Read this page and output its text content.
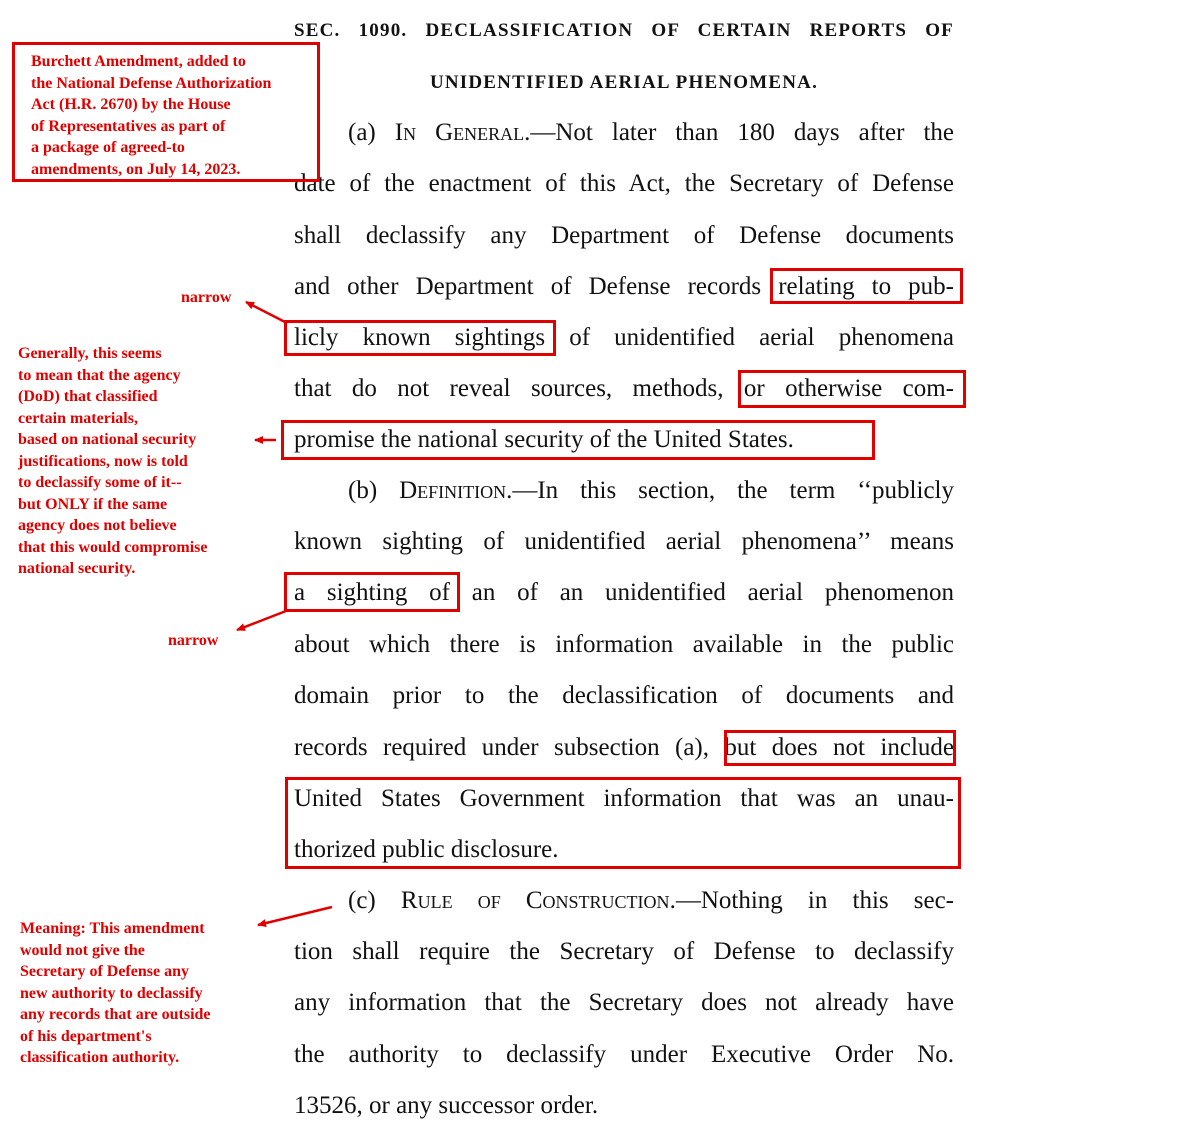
SEC. 1090. DECLASSIFICATION OF CERTAIN REPORTS OF
UNIDENTIFIED AERIAL PHENOMENA.
(a) In General.—Not later than 180 days after the
date of the enactment of this Act, the Secretary of Defense
shall declassify any Department of Defense documents
and other Department of Defense records relating to pub-
licly known sightings of unidentified aerial phenomena
that do not reveal sources, methods, or otherwise com-
promise the national security of the United States.
(b) Definition.—In this section, the term ‘‘publicly
known sighting of unidentified aerial phenomena’’ means
a sighting of an of an unidentified aerial phenomenon
about which there is information available in the public
domain prior to the declassification of documents and
records required under subsection (a), but does not include
United States Government information that was an unau-
thorized public disclosure.
(c) Rule of Construction.—Nothing in this sec-
tion shall require the Secretary of Defense to declassify
any information that the Secretary does not already have
the authority to declassify under Executive Order No.
13526, or any successor order.
Burchett Amendment, added to
the National Defense Authorization
Act (H.R. 2670) by the House
of Representatives as part of
a package of agreed-to
amendments, on July 14, 2023.
narrow
Generally, this seems
to mean that the agency
(DoD) that classified
certain materials,
based on national security
justifications, now is told
to declassify some of it--
but ONLY if the same
agency does not believe
that this would compromise
national security.
narrow
Meaning: This amendment
would not give the
Secretary of Defense any
new authority to declassify
any records that are outside
of his department's
classification authority.
